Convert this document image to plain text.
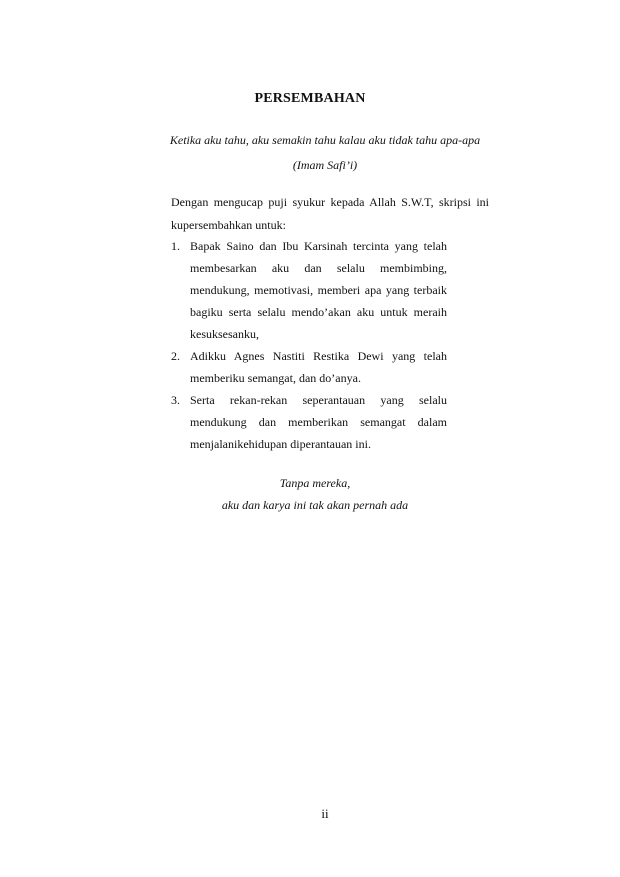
PERSEMBAHAN
Ketika aku tahu, aku semakin tahu kalau aku tidak tahu apa-apa
(Imam Safi’i)
Dengan mengucap puji syukur kepada Allah S.W.T, skripsi ini kupersembahkan untuk:
1. Bapak Saino dan Ibu Karsinah tercinta yang telah membesarkan aku dan selalu membimbing, mendukung, memotivasi, memberi apa yang terbaik bagiku serta selalu mendo’akan aku untuk meraih kesuksesanku,
2. Adikku Agnes Nastiti Restika Dewi yang telah memberiku semangat, dan do’anya.
3. Serta rekan-rekan seperantauan yang selalu mendukung dan memberikan semangat dalam menjalanikehidupan diperantauan ini.
Tanpa mereka,
aku dan karya ini tak akan pernah ada
ii
